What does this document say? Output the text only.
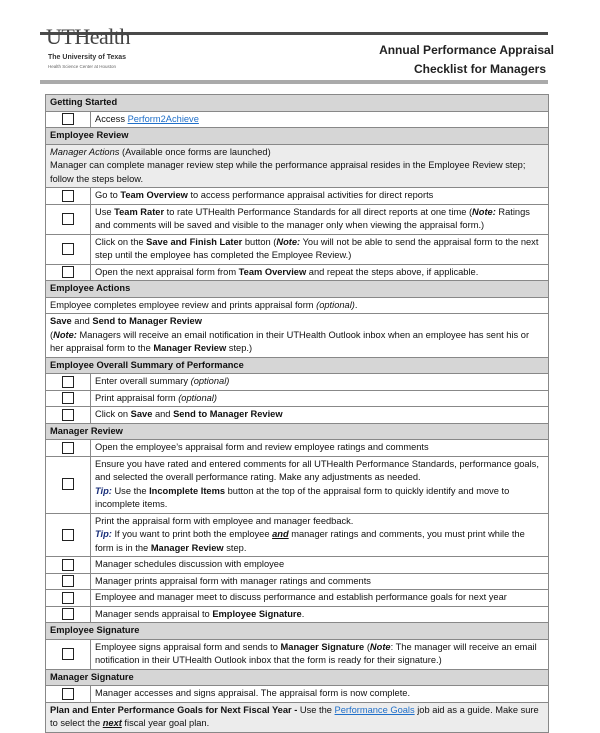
UTHealth
The University of Texas
Health Science Center at Houston
Annual Performance Appraisal
Checklist for Managers
Getting Started	

	Access Perform2Achieve

Employee Review	

Manager Actions (Available once forms are launched)
Manager can complete manager review step while the performance appraisal resides in the Employee Review step; follow the steps below.	

	Go to Team Overview to access performance appraisal activities for direct reports

	Use Team Rater to rate UTHealth Performance Standards for all direct reports at one time (Note: Ratings and comments will be saved and visible to the manager only when viewing the appraisal form.)

	Click on the Save and Finish Later button (Note: You will not be able to send the appraisal form to the next step until the employee has completed the Employee Review.)

	Open the next appraisal form from Team Overview and repeat the steps above, if applicable.

Employee Actions	

Employee completes employee review and prints appraisal form (optional).	

Save and Send to Manager Review
(Note: Managers will receive an email notification in their UTHealth Outlook inbox when an employee has sent his or her appraisal form to the Manager Review step.)	

Employee Overall Summary of Performance	

	Enter overall summary (optional)

	Print appraisal form (optional)

	Click on Save and Send to Manager Review

Manager Review	

	Open the employee’s appraisal form and review employee ratings and comments

	Ensure you have rated and entered comments for all UTHealth Performance Standards, performance goals, and selected the overall performance rating. Make any adjustments as needed.
Tip: Use the Incomplete Items button at the top of the appraisal form to quickly identify and move to incomplete items.

	Print the appraisal form with employee and manager feedback.
Tip: If you want to print both the employee and manager ratings and comments, you must print while the form is in the Manager Review step.

	Manager schedules discussion with employee

	Manager prints appraisal form with manager ratings and comments

	Employee and manager meet to discuss performance and establish performance goals for next year

	Manager sends appraisal to Employee Signature.

Employee Signature	

	Employee signs appraisal form and sends to Manager Signature (Note: The manager will receive an email notification in their UTHealth Outlook inbox that the form is ready for their signature.)

Manager Signature	

	Manager accesses and signs appraisal. The appraisal form is now complete.

Plan and Enter Performance Goals for Next Fiscal Year - Use the Performance Goals job aid as a guide. Make sure to select the next fiscal year goal plan.	
